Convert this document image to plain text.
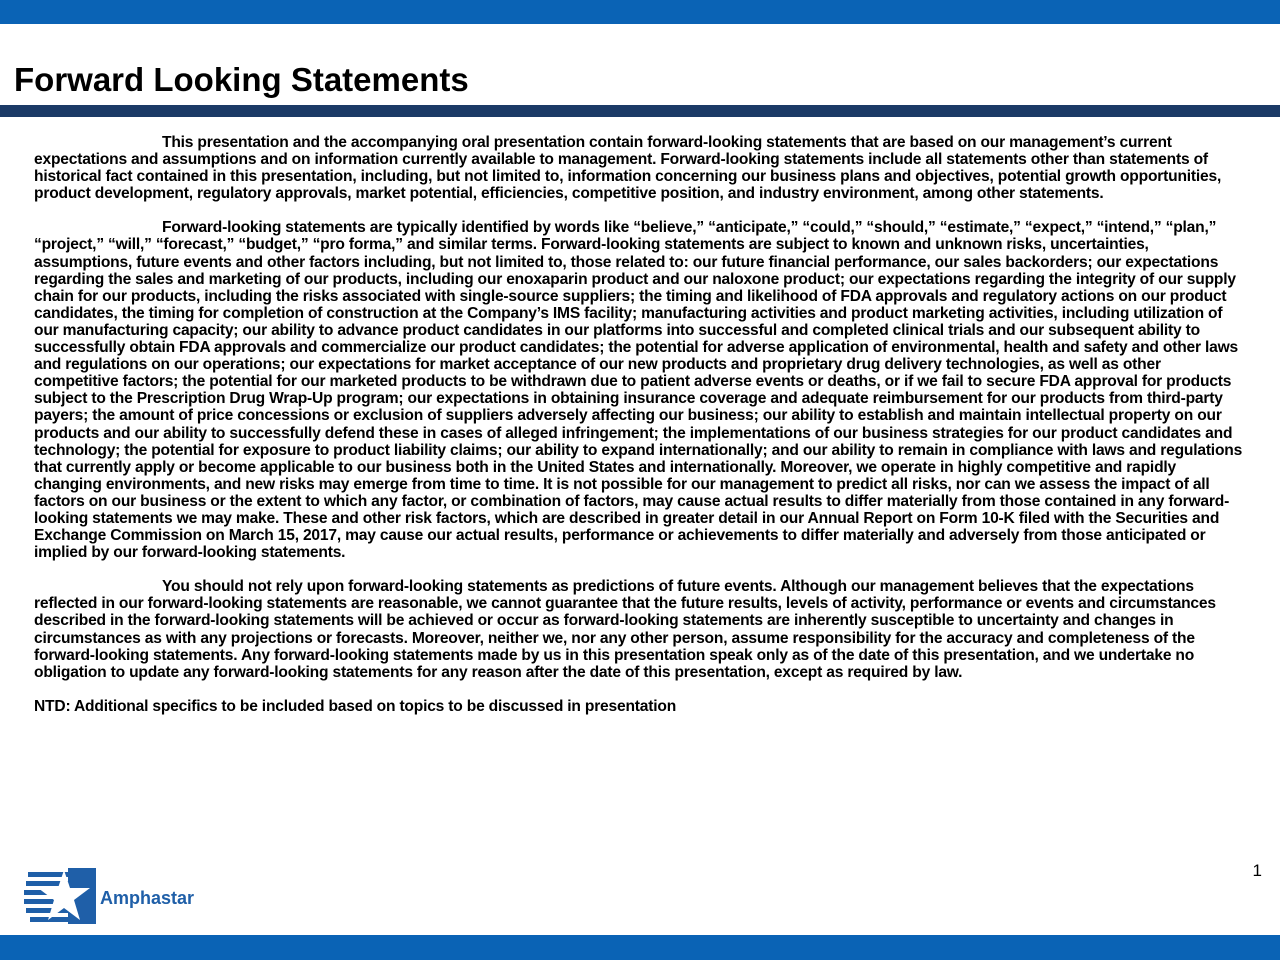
Forward Looking Statements

This presentation and the accompanying oral presentation contain forward-looking statements that are based on our management’s current expectations and assumptions and on information currently available to management. Forward-looking statements include all statements other than statements of historical fact contained in this presentation, including, but not limited to, information concerning our business plans and objectives, potential growth opportunities, product development, regulatory approvals, market potential, efficiencies, competitive position, and industry environment, among other statements.

Forward-looking statements are typically identified by words like “believe,” “anticipate,” “could,” “should,” “estimate,” “expect,” “intend,” “plan,” “project,” “will,” “forecast,” “budget,” “pro forma,” and similar terms. Forward-looking statements are subject to known and unknown risks, uncertainties, assumptions, future events and other factors including, but not limited to, those related to: our future financial performance, our sales backorders; our expectations regarding the sales and marketing of our products, including our enoxaparin product and our naloxone product; our expectations regarding the integrity of our supply chain for our products, including the risks associated with single-source suppliers; the timing and likelihood of FDA approvals and regulatory actions on our product candidates, the timing for completion of construction at the Company’s IMS facility; manufacturing activities and product marketing activities, including utilization of our manufacturing capacity; our ability to advance product candidates in our platforms into successful and completed clinical trials and our subsequent ability to successfully obtain FDA approvals and commercialize our product candidates; the potential for adverse application of environmental, health and safety and other laws and regulations on our operations; our expectations for market acceptance of our new products and proprietary drug delivery technologies, as well as other competitive factors; the potential for our marketed products to be withdrawn due to patient adverse events or deaths, or if we fail to secure FDA approval for products subject to the Prescription Drug Wrap-Up program; our expectations in obtaining insurance coverage and adequate reimbursement for our products from third-party payers; the amount of price concessions or exclusion of suppliers adversely affecting our business; our ability to establish and maintain intellectual property on our products and our ability to successfully defend these in cases of alleged infringement; the implementations of our business strategies for our product candidates and technology; the potential for exposure to product liability claims; our ability to expand internationally; and our ability to remain in compliance with laws and regulations that currently apply or become applicable to our business both in the United States and internationally. Moreover, we operate in highly competitive and rapidly changing environments, and new risks may emerge from time to time. It is not possible for our management to predict all risks, nor can we assess the impact of all factors on our business or the extent to which any factor, or combination of factors, may cause actual results to differ materially from those contained in any forward-looking statements we may make. These and other risk factors, which are described in greater detail in our Annual Report on Form 10-K filed with the Securities and Exchange Commission on March 15, 2017, may cause our actual results, performance or achievements to differ materially and adversely from those anticipated or implied by our forward-looking statements.

You should not rely upon forward-looking statements as predictions of future events. Although our management believes that the expectations reflected in our forward-looking statements are reasonable, we cannot guarantee that the future results, levels of activity, performance or events and circumstances described in the forward-looking statements will be achieved or occur as forward-looking statements are inherently susceptible to uncertainty and changes in circumstances as with any projections or forecasts. Moreover, neither we, nor any other person, assume responsibility for the accuracy and completeness of the forward-looking statements. Any forward-looking statements made by us in this presentation speak only as of the date of this presentation, and we undertake no obligation to update any forward-looking statements for any reason after the date of this presentation, except as required by law.

NTD: Additional specifics to be included based on topics to be discussed in presentation

Amphastar
1
